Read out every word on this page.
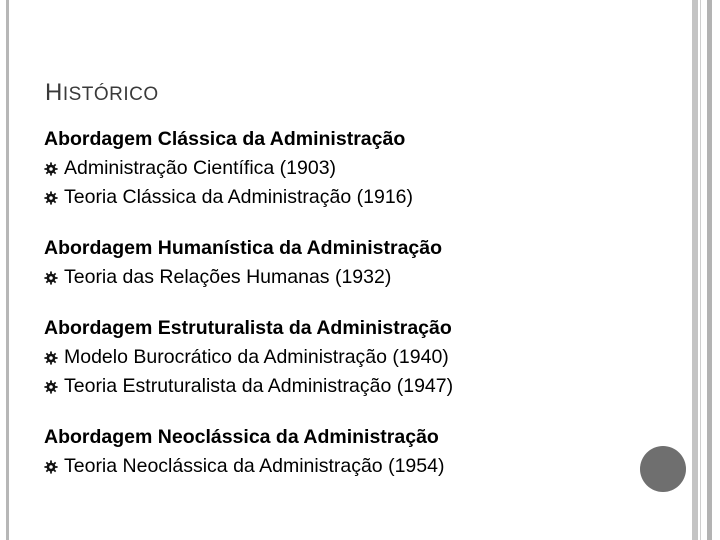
HISTÓRICO
Abordagem Clássica da Administração
Administração Científica (1903)
Teoria Clássica da Administração (1916)
Abordagem Humanística da Administração
Teoria das Relações Humanas (1932)
Abordagem Estruturalista da Administração
Modelo Burocrático da Administração (1940)
Teoria Estruturalista da Administração (1947)
Abordagem Neoclássica da Administração
Teoria Neoclássica da Administração (1954)
